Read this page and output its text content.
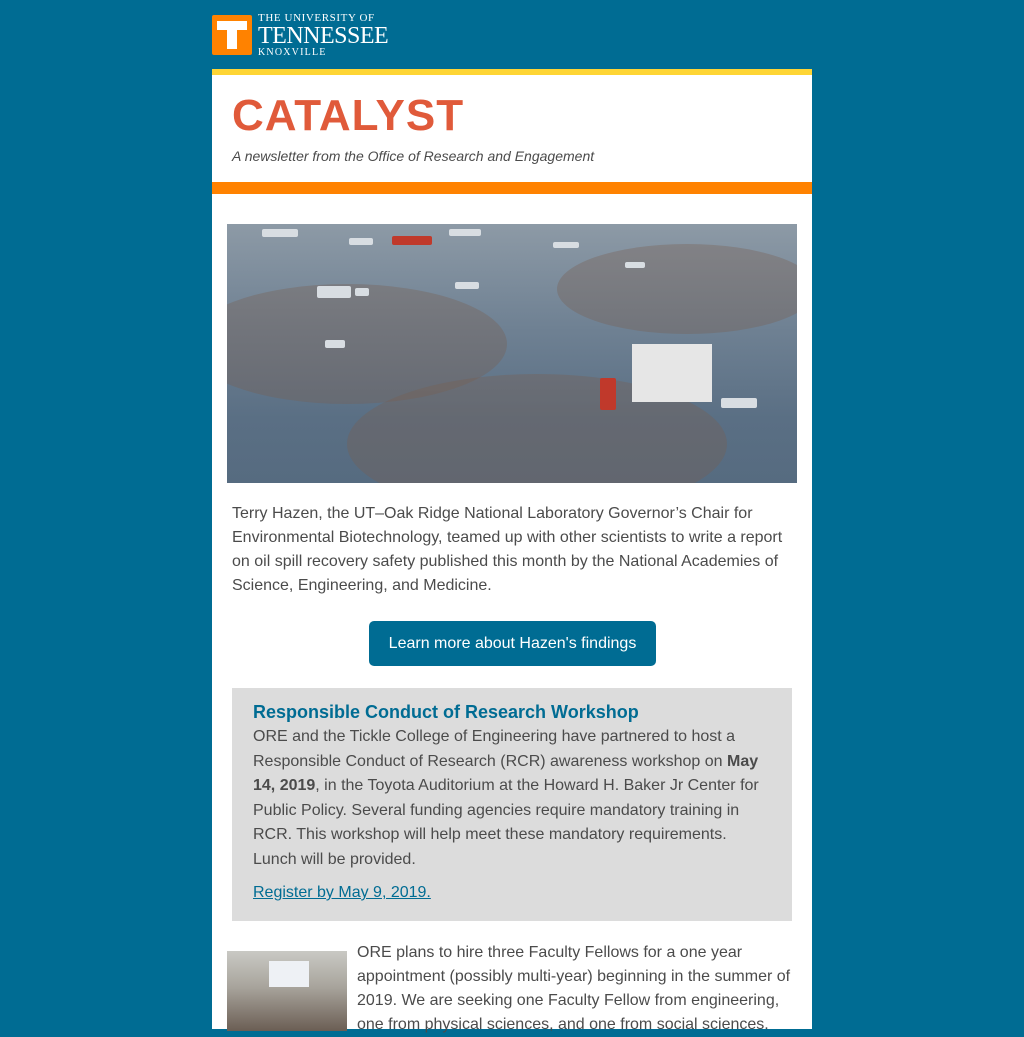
THE UNIVERSITY OF
TENNESSEE
KNOXVILLE
CATALYST
A newsletter from the Office of Research and Engagement

Terry Hazen, the UT–Oak Ridge National Laboratory Governor’s Chair for Environmental Biotechnology, teamed up with other scientists to write a report on oil spill recovery safety published this month by the National Academies of Science, Engineering, and Medicine.

Learn more about Hazen's findings
Responsible Conduct of Research Workshop

ORE and the Tickle College of Engineering have partnered to host a Responsible Conduct of Research (RCR) awareness workshop on May 14, 2019, in the Toyota Auditorium at the Howard H. Baker Jr Center for Public Policy. Several funding agencies require mandatory training in RCR. This workshop will help meet these mandatory requirements. Lunch will be provided.

Register by May 9, 2019.

ORE plans to hire three Faculty Fellows for a one year appointment (possibly multi-year) beginning in the summer of 2019. We are seeking one Faculty Fellow from engineering, one from physical sciences, and one from social sciences.
